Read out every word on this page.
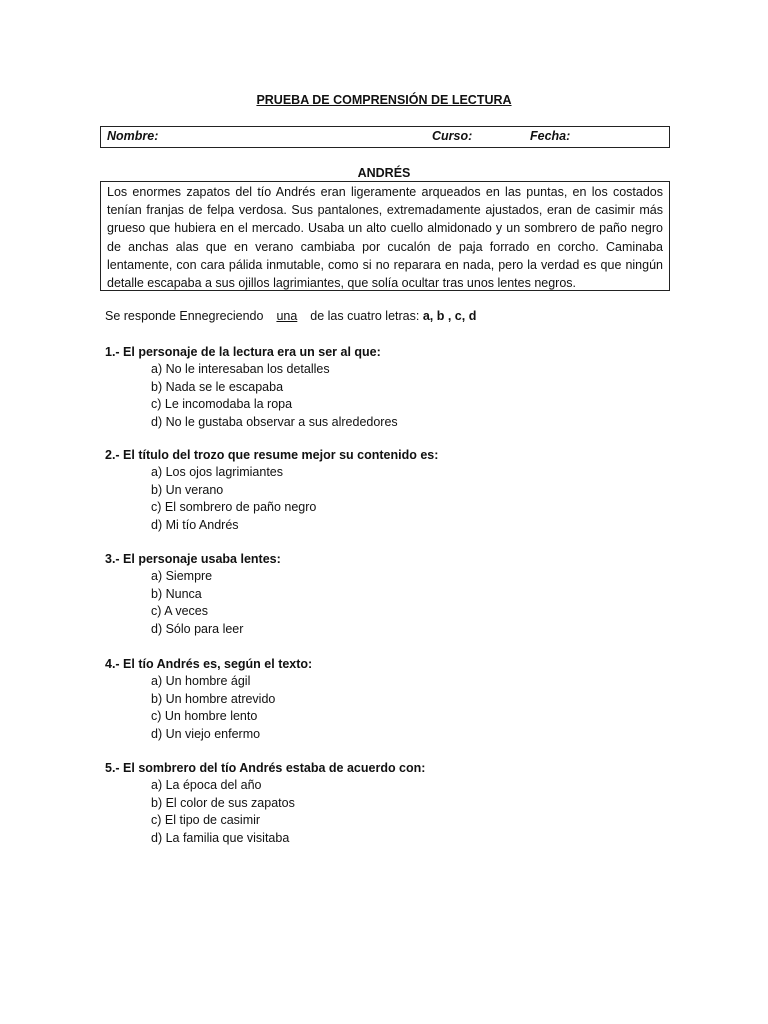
PRUEBA DE COMPRENSIÓN DE LECTURA
Nombre:	Curso:	Fecha:
ANDRÉS
Los enormes zapatos del tío Andrés eran ligeramente arqueados en las puntas, en los costados tenían franjas de felpa verdosa. Sus pantalones, extremadamente ajustados, eran de casimir más grueso que hubiera en el mercado. Usaba un alto cuello almidonado y un sombrero de paño negro de anchas alas que en verano cambiaba por cucalón de paja forrado en corcho. Caminaba lentamente, con cara pálida inmutable, como si no reparara en nada, pero la verdad es que ningún detalle escapaba a sus ojillos lagrimiantes, que solía ocultar tras unos lentes negros.
Se responde Ennegreciendo una de las cuatro letras: a, b , c, d
1.- El personaje de la lectura era un ser al que:
a) No le interesaban los detalles
b) Nada se le escapaba
c) Le incomodaba la ropa
d) No le gustaba observar a sus alrededores
2.- El título del trozo que resume mejor su contenido es:
a) Los ojos lagrimiantes
b) Un verano
c) El sombrero de paño negro
d) Mi tío Andrés
3.- El personaje usaba lentes:
a) Siempre
b) Nunca
c) A veces
d) Sólo para leer
4.- El tío Andrés es, según el texto:
a) Un hombre ágil
b) Un hombre atrevido
c) Un hombre lento
d) Un viejo enfermo
5.- El sombrero del tío Andrés estaba de acuerdo con:
a) La época del año
b) El color de sus zapatos
c) El tipo de casimir
d) La familia que visitaba
